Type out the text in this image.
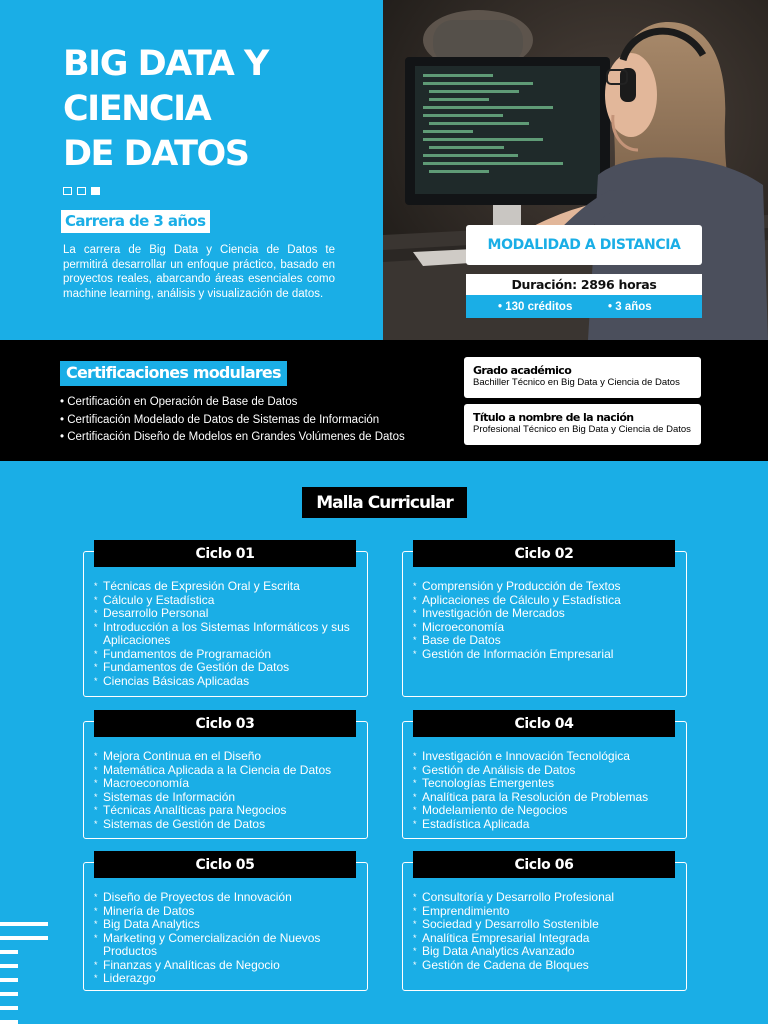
BIG DATA Y
CIENCIA
DE DATOS
Carrera de 3 años

La carrera de Big Data y Ciencia de Datos te permitirá desarrollar un enfoque práctico, basado en proyectos reales, abarcando áreas esenciales como machine learning, análisis y visualización de datos.

MODALIDAD A DISTANCIA
Duración: 2896 horas
• 130 créditos	• 3 años
Certificaciones modulares
• Certificación en Operación de Base de Datos
• Certificación Modelado de Datos de Sistemas de Información
• Certificación Diseño de Modelos en Grandes Volúmenes de Datos
Grado académico
Bachiller Técnico en Big Data y Ciencia de Datos
Título a nombre de la nación
Profesional Técnico en Big Data y Ciencia de Datos
Malla Curricular
Ciclo 01
* Técnicas de Expresión Oral y Escrita
* Cálculo y Estadística
* Desarrollo Personal
* Introducción a los Sistemas Informáticos y sus Aplicaciones
* Fundamentos de Programación
* Fundamentos de Gestión de Datos
* Ciencias Básicas Aplicadas
Ciclo 02
* Comprensión y Producción de Textos
* Aplicaciones de Cálculo y Estadística
* Investigación de Mercados
* Microeconomía
* Base de Datos
* Gestión de Información Empresarial
Ciclo 03
* Mejora Continua en el Diseño
* Matemática Aplicada a la Ciencia de Datos
* Macroeconomía
* Sistemas de Información
* Técnicas Analíticas para Negocios
* Sistemas de Gestión de Datos
Ciclo 04
* Investigación e Innovación Tecnológica
* Gestión de Análisis de Datos
* Tecnologías Emergentes
* Analítica para la Resolución de Problemas
* Modelamiento de Negocios
* Estadística Aplicada
Ciclo 05
* Diseño de Proyectos de Innovación
* Minería de Datos
* Big Data Analytics
* Marketing y Comercialización de Nuevos Productos
* Finanzas y Analíticas de Negocio
* Liderazgo
Ciclo 06
* Consultoría y Desarrollo Profesional
* Emprendimiento
* Sociedad y Desarrollo Sostenible
* Analítica Empresarial Integrada
* Big Data Analytics Avanzado
* Gestión de Cadena de Bloques
